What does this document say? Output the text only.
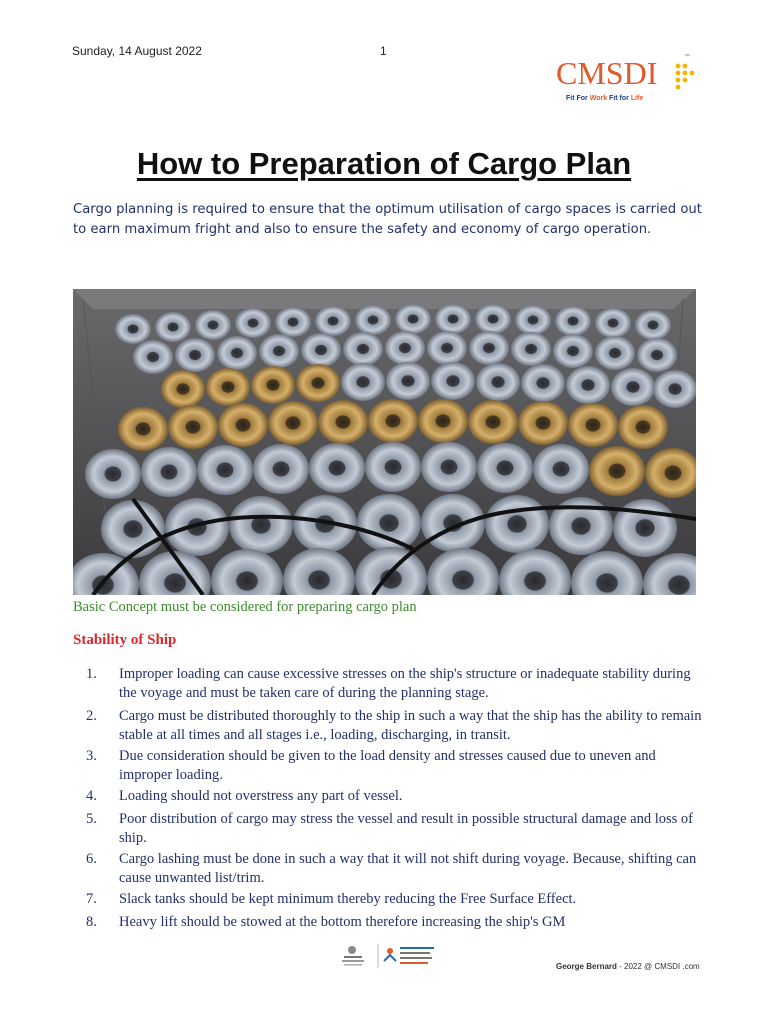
Sunday, 14 August 2022	1
CMSDI	™
Fit For Work Fit for Life
How to Preparation of Cargo Plan

Cargo planning is required to ensure that the optimum utilisation of cargo spaces is carried out to earn maximum fright and also to ensure the safety and economy of cargo operation.

Basic Concept must be considered for preparing cargo plan
Stability of Ship
1. Improper loading can cause excessive stresses on the ship's structure or inadequate stability during the voyage and must be taken care of during the planning stage.
2. Cargo must be distributed thoroughly to the ship in such a way that the ship has the ability to remain stable at all times and all stages i.e., loading, discharging, in transit.
3. Due consideration should be given to the load density and stresses caused due to uneven and improper loading.
4. Loading should not overstress any part of vessel.
5. Poor distribution of cargo may stress the vessel and result in possible structural damage and loss of ship.
6. Cargo lashing must be done in such a way that it will not shift during voyage. Because, shifting can cause unwanted list/trim.
7. Slack tanks should be kept minimum thereby reducing the Free Surface Effect.
8. Heavy lift should be stowed at the bottom therefore increasing the ship's GM
George Bernard - 2022 @ CMSDI .com
